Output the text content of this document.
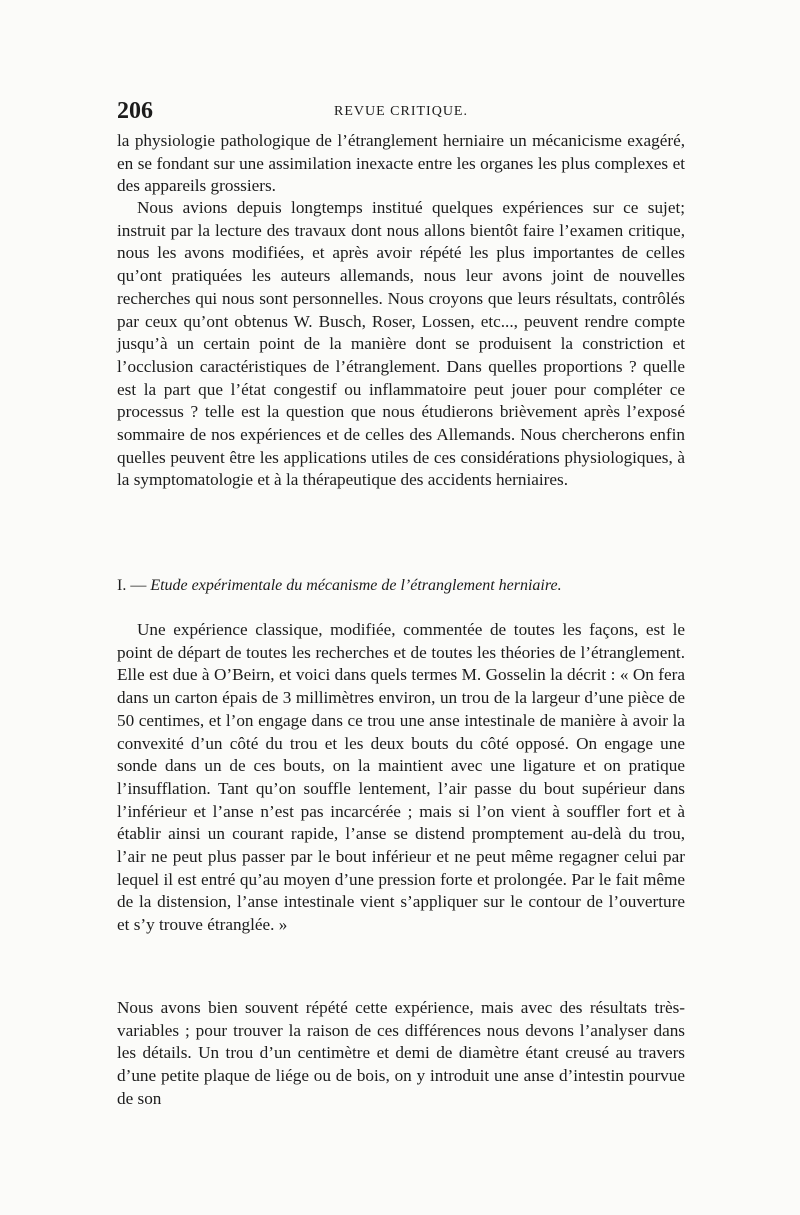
206	REVUE CRITIQUE.

la physiologie pathologique de l’étranglement herniaire un mécanicisme exagéré, en se fondant sur une assimilation inexacte entre les organes les plus complexes et des appareils grossiers.

Nous avions depuis longtemps institué quelques expériences sur ce sujet; instruit par la lecture des travaux dont nous allons bientôt faire l’examen critique, nous les avons modifiées, et après avoir répété les plus importantes de celles qu’ont pratiquées les auteurs allemands, nous leur avons joint de nouvelles recherches qui nous sont personnelles. Nous croyons que leurs résultats, contrôlés par ceux qu’ont obtenus W. Busch, Roser, Lossen, etc..., peuvent rendre compte jusqu’à un certain point de la manière dont se produisent la constriction et l’occlusion caractéristiques de l’étranglement. Dans quelles proportions ? quelle est la part que l’état congestif ou inflammatoire peut jouer pour compléter ce processus ? telle est la question que nous étudierons brièvement après l’exposé sommaire de nos expériences et de celles des Allemands. Nous chercherons enfin quelles peuvent être les applications utiles de ces considérations physiologiques, à la symptomatologie et à la thérapeutique des accidents herniaires.

I. — Etude expérimentale du mécanisme de l’étranglement herniaire.

Une expérience classique, modifiée, commentée de toutes les façons, est le point de départ de toutes les recherches et de toutes les théories de l’étranglement. Elle est due à O’Beirn, et voici dans quels termes M. Gosselin la décrit : « On fera dans un carton épais de 3 millimètres environ, un trou de la largeur d’une pièce de 50 centimes, et l’on engage dans ce trou une anse intestinale de manière à avoir la convexité d’un côté du trou et les deux bouts du côté opposé. On engage une sonde dans un de ces bouts, on la maintient avec une ligature et on pratique l’insufflation. Tant qu’on souffle lentement, l’air passe du bout supérieur dans l’inférieur et l’anse n’est pas incarcérée ; mais si l’on vient à souffler fort et à établir ainsi un courant rapide, l’anse se distend promptement au-delà du trou, l’air ne peut plus passer par le bout inférieur et ne peut même regagner celui par lequel il est entré qu’au moyen d’une pression forte et prolongée. Par le fait même de la distension, l’anse intestinale vient s’appliquer sur le contour de l’ouverture et s’y trouve étranglée. »

Nous avons bien souvent répété cette expérience, mais avec des résultats très-variables ; pour trouver la raison de ces différences nous devons l’analyser dans les détails. Un trou d’un centimètre et demi de diamètre étant creusé au travers d’une petite plaque de liége ou de bois, on y introduit une anse d’intestin pourvue de son
